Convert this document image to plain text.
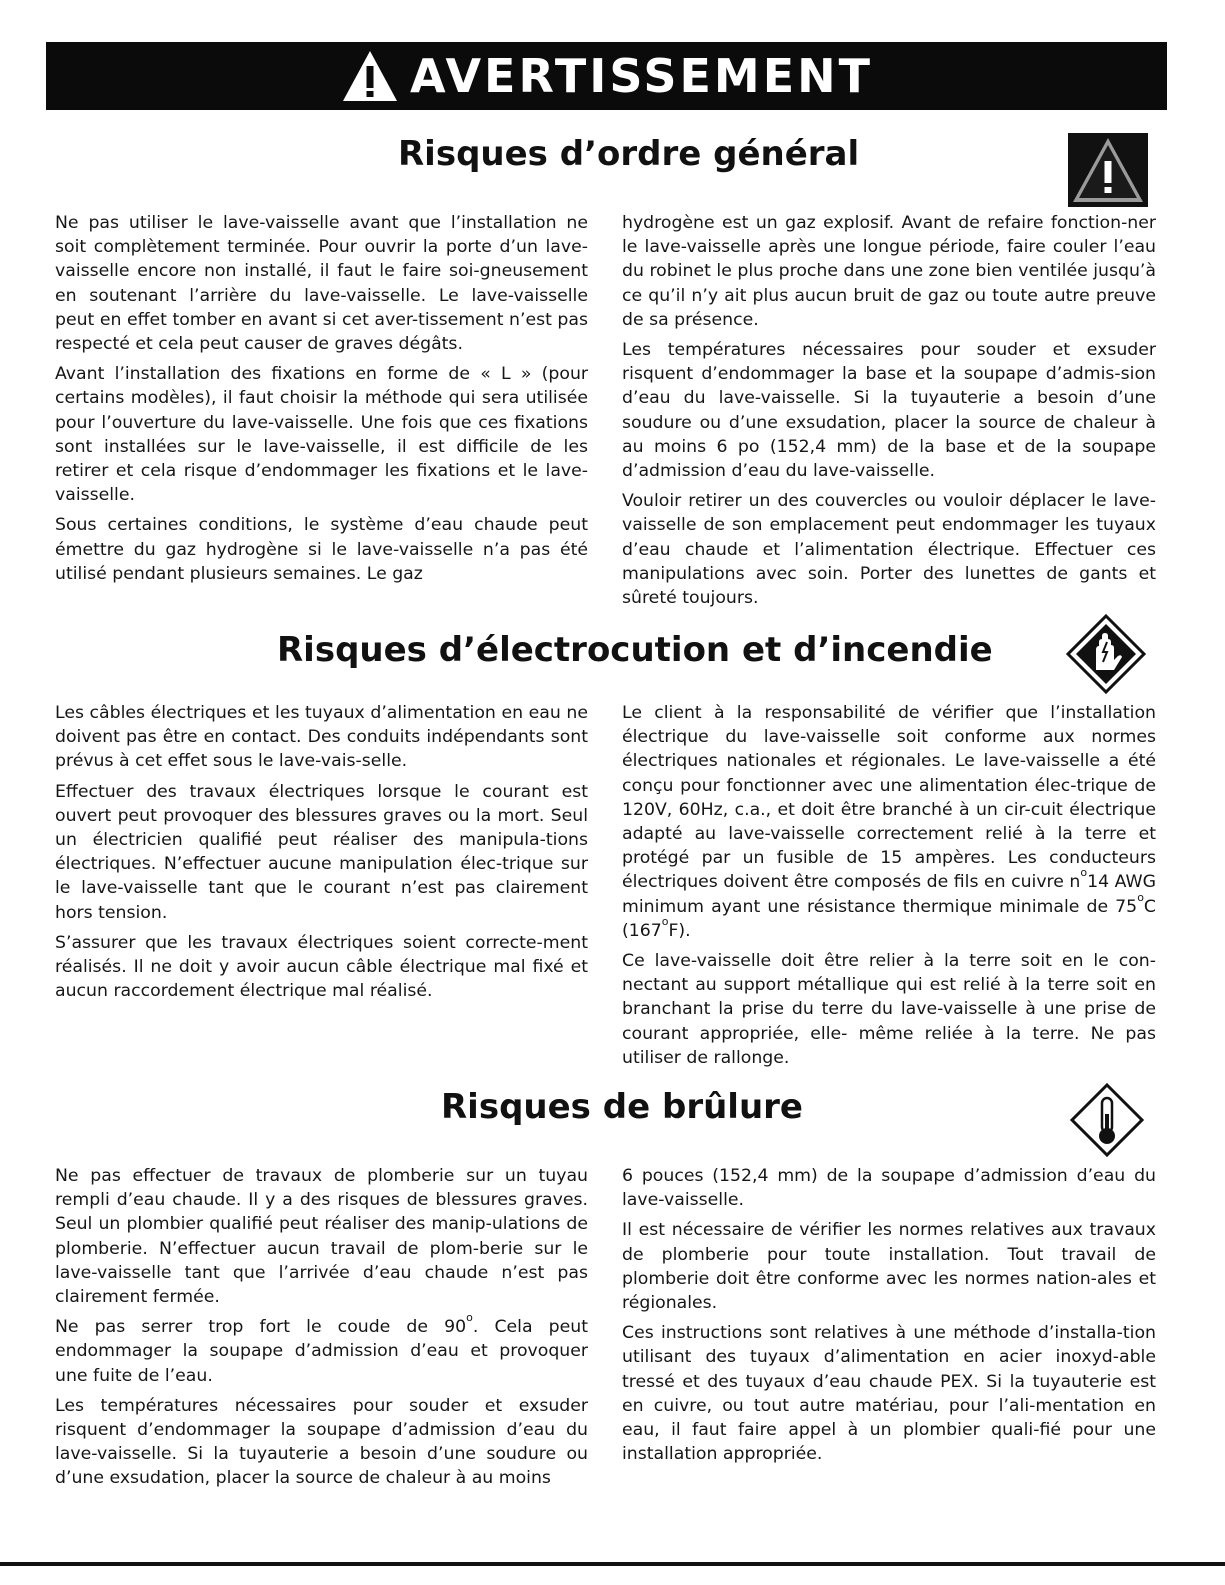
AVERTISSEMENT
Risques d’ordre général

Ne pas utiliser le lave-vaisselle avant que l’installation ne soit complètement terminée. Pour ouvrir la porte d’un lave-vaisselle encore non installé, il faut le faire soi-gneusement en soutenant l’arrière du lave-vaisselle. Le lave-vaisselle peut en effet tomber en avant si cet aver-tissement n’est pas respecté et cela peut causer de graves dégâts.

Avant l’installation des fixations en forme de « L » (pour certains modèles), il faut choisir la méthode qui sera utilisée pour l’ouverture du lave-vaisselle. Une fois que ces fixations sont installées sur le lave-vaisselle, il est difficile de les retirer et cela risque d’endommager les fixations et le lave-vaisselle.

Sous certaines conditions, le système d’eau chaude peut émettre du gaz hydrogène si le lave-vaisselle n’a pas été utilisé pendant plusieurs semaines. Le gaz

hydrogène est un gaz explosif. Avant de refaire fonction-ner le lave-vaisselle après une longue période, faire couler l’eau du robinet le plus proche dans une zone bien ventilée jusqu’à ce qu’il n’y ait plus aucun bruit de gaz ou toute autre preuve de sa présence.

Les températures nécessaires pour souder et exsuder risquent d’endommager la base et la soupape d’admis-sion d’eau du lave-vaisselle. Si la tuyauterie a besoin d’une soudure ou d’une exsudation, placer la source de chaleur à au moins 6 po (152,4 mm) de la base et de la soupape d’admission d’eau du lave-vaisselle.

Vouloir retirer un des couvercles ou vouloir déplacer le lave-vaisselle de son emplacement peut endommager les tuyaux d’eau chaude et l’alimentation électrique. Effectuer ces manipulations avec soin. Porter des lunettes de gants et sûreté toujours.

Risques d’électrocution et d’incendie

Les câbles électriques et les tuyaux d’alimentation en eau ne doivent pas être en contact. Des conduits indépendants sont prévus à cet effet sous le lave-vais-selle.

Effectuer des travaux électriques lorsque le courant est ouvert peut provoquer des blessures graves ou la mort. Seul un électricien qualifié peut réaliser des manipula-tions électriques. N’effectuer aucune manipulation élec-trique sur le lave-vaisselle tant que le courant n’est pas clairement hors tension.

S’assurer que les travaux électriques soient correcte-ment réalisés. Il ne doit y avoir aucun câble électrique mal fixé et aucun raccordement électrique mal réalisé.

Le client à la responsabilité de vérifier que l’installation électrique du lave-vaisselle soit conforme aux normes électriques nationales et régionales. Le lave-vaisselle a été conçu pour fonctionner avec une alimentation élec-trique de 120V, 60Hz, c.a., et doit être branché à un cir-cuit électrique adapté au lave-vaisselle correctement relié à la terre et protégé par un fusible de 15 ampères. Les conducteurs électriques doivent être composés de fils en cuivre $n^o14$ AWG minimum ayant une résistance thermique minimale de 75$^o$C (167$^o$F).

Ce lave-vaisselle doit être relier à la terre soit en le con-nectant au support métallique qui est relié à la terre soit en branchant la prise du terre du lave-vaisselle à une prise de courant appropriée, elle- même reliée à la terre. Ne pas utiliser de rallonge.

Risques de brûlure

Ne pas effectuer de travaux de plomberie sur un tuyau rempli d’eau chaude. Il y a des risques de blessures graves. Seul un plombier qualifié peut réaliser des manip-ulations de plomberie. N’effectuer aucun travail de plom-berie sur le lave-vaisselle tant que l’arrivée d’eau chaude n’est pas clairement fermée.

Ne pas serrer trop fort le coude de 90$^o$. Cela peut endommager la soupape d’admission d’eau et provoquer une fuite de l’eau.

Les températures nécessaires pour souder et exsuder risquent d’endommager la soupape d’admission d’eau du lave-vaisselle. Si la tuyauterie a besoin d’une soudure ou d’une exsudation, placer la source de chaleur à au moins

6 pouces (152,4 mm) de la soupape d’admission d’eau du lave-vaisselle.

Il est nécessaire de vérifier les normes relatives aux travaux de plomberie pour toute installation. Tout travail de plomberie doit être conforme avec les normes nation-ales et régionales.

Ces instructions sont relatives à une méthode d’installa-tion utilisant des tuyaux d’alimentation en acier inoxyd-able tressé et des tuyaux d’eau chaude PEX. Si la tuyauterie est en cuivre, ou tout autre matériau, pour l’ali-mentation en eau, il faut faire appel à un plombier quali-fié pour une installation appropriée.
